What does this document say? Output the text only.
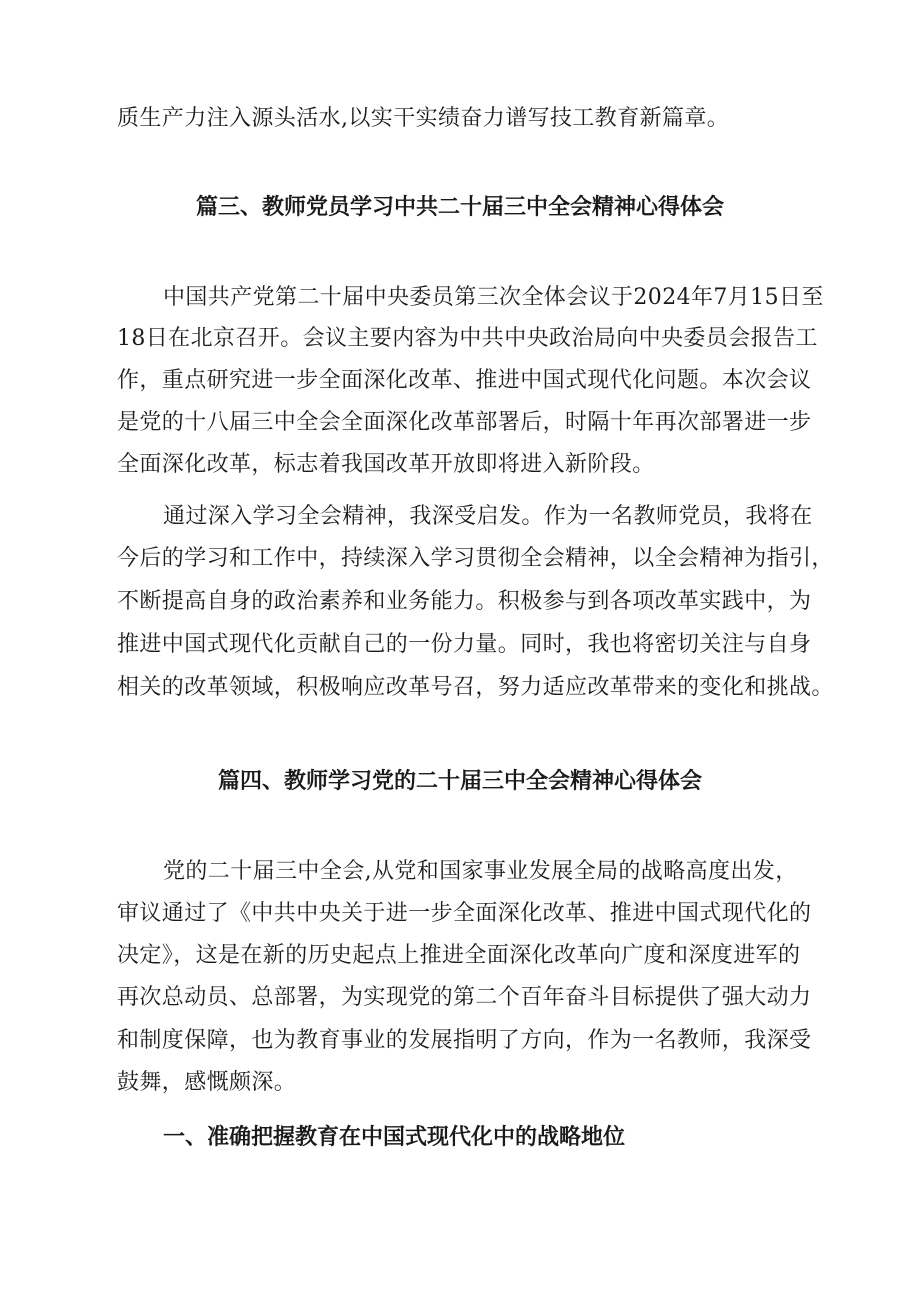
质生产力注入源头活水,以实干实绩奋力谱写技工教育新篇章。
篇三、教师党员学习中共二十届三中全会精神心得体会
中国共产党第二十届中央委员第三次全体会议于2024年7月15日至
18日在北京召开。会议主要内容为中共中央政治局向中央委员会报告工
作，重点研究进一步全面深化改革、推进中国式现代化问题。本次会议
是党的十八届三中全会全面深化改革部署后，时隔十年再次部署进一步
全面深化改革，标志着我国改革开放即将进入新阶段。
通过深入学习全会精神，我深受启发。作为一名教师党员，我将在
今后的学习和工作中，持续深入学习贯彻全会精神，以全会精神为指引，
不断提高自身的政治素养和业务能力。积极参与到各项改革实践中，为
推进中国式现代化贡献自己的一份力量。同时，我也将密切关注与自身
相关的改革领域，积极响应改革号召，努力适应改革带来的变化和挑战。
篇四、教师学习党的二十届三中全会精神心得体会
党的二十届三中全会,从党和国家事业发展全局的战略高度出发，
审议通过了《中共中央关于进一步全面深化改革、推进中国式现代化的
决定》，这是在新的历史起点上推进全面深化改革向广度和深度进军的
再次总动员、总部署，为实现党的第二个百年奋斗目标提供了强大动力
和制度保障，也为教育事业的发展指明了方向，作为一名教师，我深受
鼓舞，感慨颇深。
一、准确把握教育在中国式现代化中的战略地位
